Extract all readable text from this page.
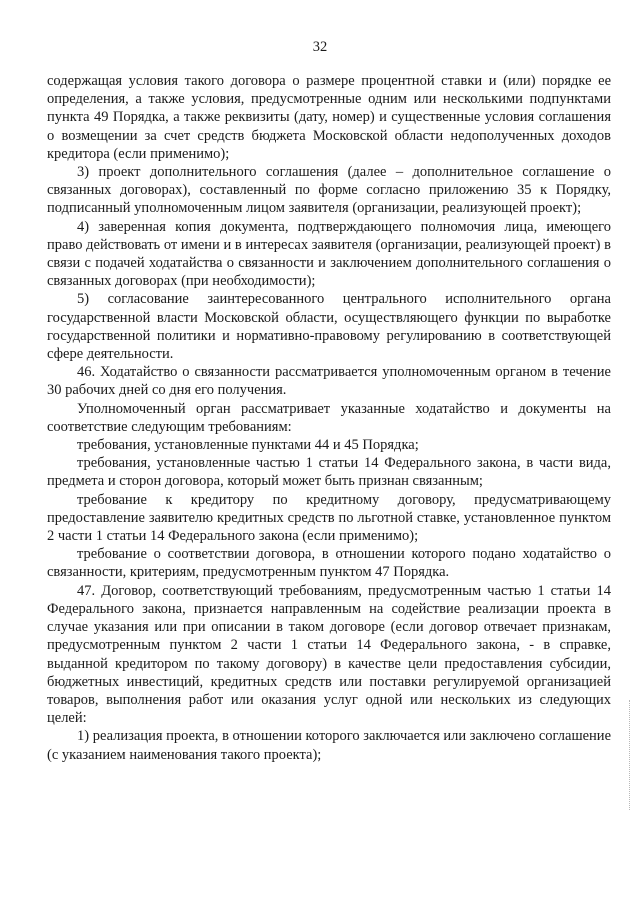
32

содержащая условия такого договора о размере процентной ставки и (или) порядке ее определения, а также условия, предусмотренные одним или несколькими подпунктами пункта 49 Порядка, а также реквизиты (дату, номер) и существенные условия соглашения о возмещении за счет средств бюджета Московской области недополученных доходов кредитора (если применимо);

3) проект дополнительного соглашения (далее – дополнительное соглашение о связанных договорах), составленный по форме согласно приложению 35 к Порядку, подписанный уполномоченным лицом заявителя (организации, реализующей проект);

4) заверенная копия документа, подтверждающего полномочия лица, имеющего право действовать от имени и в интересах заявителя (организации, реализующей проект) в связи с подачей ходатайства о связанности и заключением дополнительного соглашения о связанных договорах (при необходимости);

5) согласование заинтересованного центрального исполнительного органа государственной власти Московской области, осуществляющего функции по выработке государственной политики и нормативно-правовому регулированию в соответствующей сфере деятельности.

46. Ходатайство о связанности рассматривается уполномоченным органом в течение 30 рабочих дней со дня его получения.

Уполномоченный орган рассматривает указанные ходатайство и документы на соответствие следующим требованиям:

требования, установленные пунктами 44 и 45 Порядка;

требования, установленные частью 1 статьи 14 Федерального закона, в части вида, предмета и сторон договора, который может быть признан связанным;

требование к кредитору по кредитному договору, предусматривающему предоставление заявителю кредитных средств по льготной ставке, установленное пунктом 2 части 1 статьи 14 Федерального закона (если применимо);

требование о соответствии договора, в отношении которого подано ходатайство о связанности, критериям, предусмотренным пунктом 47 Порядка.

47. Договор, соответствующий требованиям, предусмотренным частью 1 статьи 14 Федерального закона, признается направленным на содействие реализации проекта в случае указания или при описании в таком договоре (если договор отвечает признакам, предусмотренным пунктом 2 части 1 статьи 14 Федерального закона, - в справке, выданной кредитором по такому договору) в качестве цели предоставления субсидии, бюджетных инвестиций, кредитных средств или поставки регулируемой организацией товаров, выполнения работ или оказания услуг одной или нескольких из следующих целей:

1) реализация проекта, в отношении которого заключается или заключено соглашение (с указанием наименования такого проекта);
